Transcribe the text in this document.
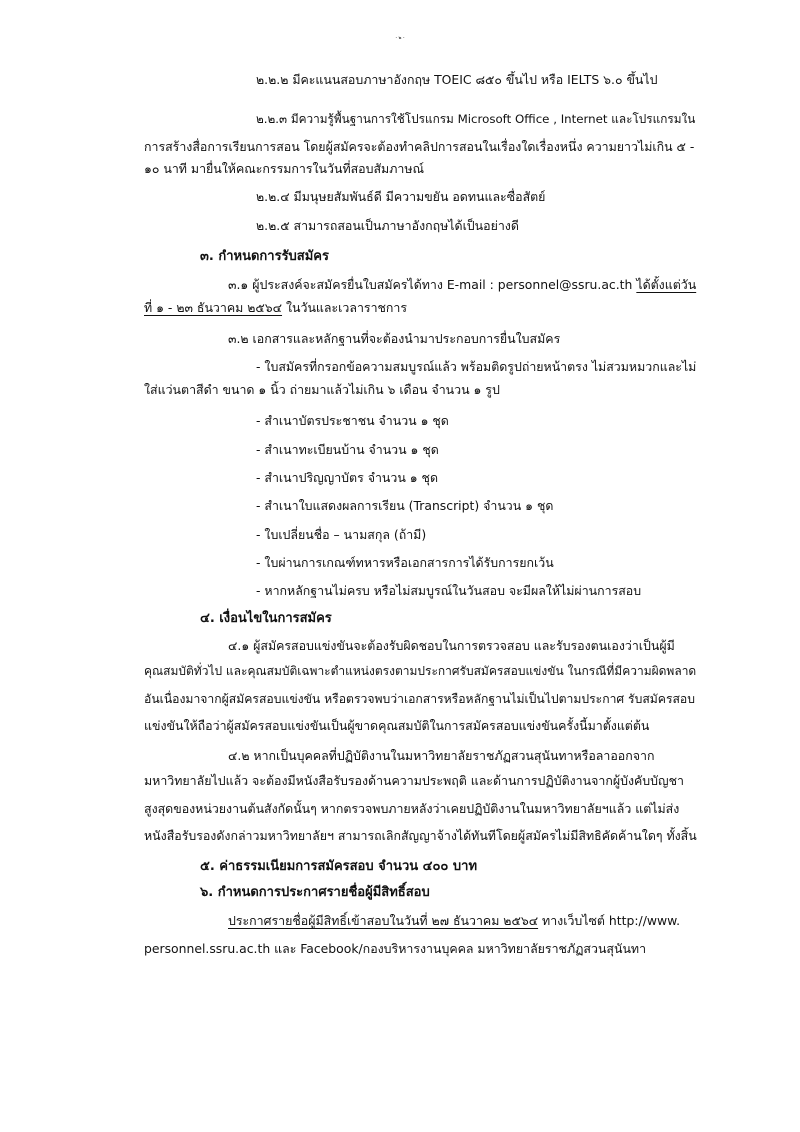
- ๒ -
๒.๒.๒ มีคะแนนสอบภาษาอังกฤษ TOEIC ๘๕๐ ขึ้นไป หรือ IELTS ๖.๐ ขึ้นไป
๒.๒.๓ มีความรู้พื้นฐานการใช้โปรแกรม Microsoft Office , Internet และโปรแกรมใน
การสร้างสื่อการเรียนการสอน โดยผู้สมัครจะต้องทำคลิปการสอนในเรื่องใดเรื่องหนึ่ง ความยาวไม่เกิน ๕ -
๑๐ นาที มายื่นให้คณะกรรมการในวันที่สอบสัมภาษณ์
๒.๒.๔ มีมนุษยสัมพันธ์ดี มีความขยัน อดทนและซื่อสัตย์
๒.๒.๕ สามารถสอนเป็นภาษาอังกฤษได้เป็นอย่างดี
๓. กำหนดการรับสมัคร
๓.๑ ผู้ประสงค์จะสมัครยื่นใบสมัครได้ทาง E-mail : personnel@ssru.ac.th ได้ตั้งแต่วัน
ที่ ๑ - ๒๓ ธันวาคม ๒๕๖๔ ในวันและเวลาราชการ
๓.๒ เอกสารและหลักฐานที่จะต้องนำมาประกอบการยื่นใบสมัคร
- ใบสมัครที่กรอกข้อความสมบูรณ์แล้ว พร้อมติดรูปถ่ายหน้าตรง ไม่สวมหมวกและไม่
ใส่แว่นตาสีดำ ขนาด ๑ นิ้ว ถ่ายมาแล้วไม่เกิน ๖ เดือน จำนวน ๑ รูป
- สำเนาบัตรประชาชน จำนวน ๑ ชุด
- สำเนาทะเบียนบ้าน จำนวน ๑ ชุด
- สำเนาปริญญาบัตร จำนวน ๑ ชุด
- สำเนาใบแสดงผลการเรียน (Transcript) จำนวน ๑ ชุด
- ใบเปลี่ยนชื่อ – นามสกุล (ถ้ามี)
- ใบผ่านการเกณฑ์ทหารหรือเอกสารการได้รับการยกเว้น
- หากหลักฐานไม่ครบ หรือไม่สมบูรณ์ในวันสอบ จะมีผลให้ไม่ผ่านการสอบ
๔. เงื่อนไขในการสมัคร
๔.๑ ผู้สมัครสอบแข่งขันจะต้องรับผิดชอบในการตรวจสอบ และรับรองตนเองว่าเป็นผู้มี
คุณสมบัติทั่วไป และคุณสมบัติเฉพาะตำแหน่งตรงตามประกาศรับสมัครสอบแข่งขัน ในกรณีที่มีความผิดพลาด
อันเนื่องมาจากผู้สมัครสอบแข่งขัน หรือตรวจพบว่าเอกสารหรือหลักฐานไม่เป็นไปตามประกาศ รับสมัครสอบ
แข่งขันให้ถือว่าผู้สมัครสอบแข่งขันเป็นผู้ขาดคุณสมบัติในการสมัครสอบแข่งขันครั้งนี้มาตั้งแต่ต้น
๔.๒ หากเป็นบุคคลที่ปฏิบัติงานในมหาวิทยาลัยราชภัฏสวนสุนันทาหรือลาออกจาก
มหาวิทยาลัยไปแล้ว จะต้องมีหนังสือรับรองด้านความประพฤติ และด้านการปฏิบัติงานจากผู้บังคับบัญชา
สูงสุดของหน่วยงานต้นสังกัดนั้นๆ หากตรวจพบภายหลังว่าเคยปฏิบัติงานในมหาวิทยาลัยฯแล้ว แต่ไม่ส่ง
หนังสือรับรองดังกล่าวมหาวิทยาลัยฯ สามารถเลิกสัญญาจ้างได้ทันทีโดยผู้สมัครไม่มีสิทธิคัดค้านใดๆ ทั้งสิ้น
๕. ค่าธรรมเนียมการสมัครสอบ จำนวน ๔๐๐ บาท
๖. กำหนดการประกาศรายชื่อผู้มีสิทธิ์สอบ
ประกาศรายชื่อผู้มีสิทธิ์เข้าสอบในวันที่ ๒๗ ธันวาคม ๒๕๖๔ ทางเว็บไซต์ http://www.
personnel.ssru.ac.th และ Facebook/กองบริหารงานบุคคล มหาวิทยาลัยราชภัฏสวนสุนันทา
